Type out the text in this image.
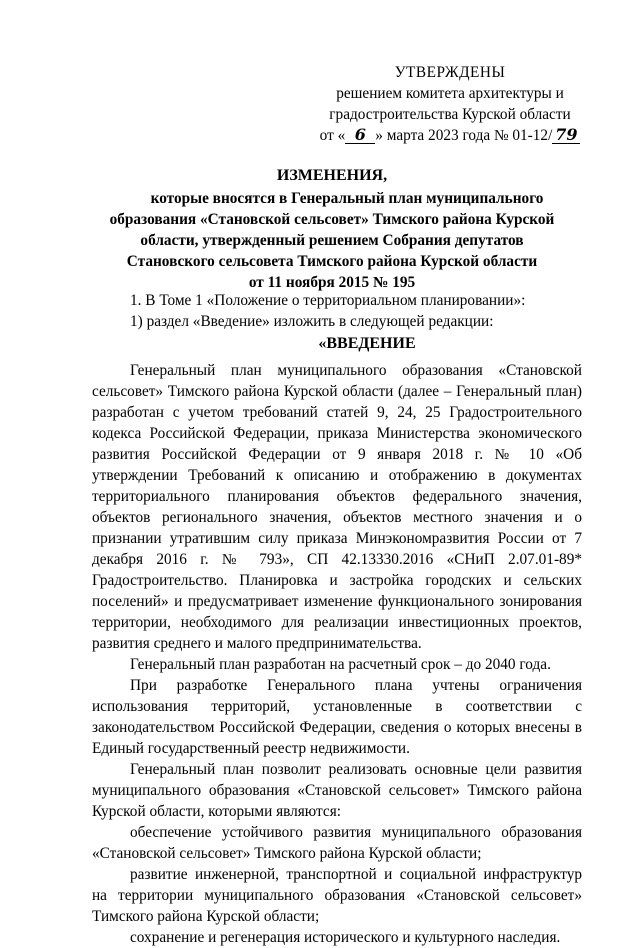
УТВЕРЖДЕНЫ
решением комитета архитектуры и
градостроительства Курской области
от « 6 » марта 2023 года № 01-12/ 79
ИЗМЕНЕНИЯ,
которые вносятся в Генеральный план муниципального
образования «Становской сельсовет» Тимского района Курской
области, утвержденный решением Собрания депутатов
Становского сельсовета Тимского района Курской области
от 11 ноября 2015 № 195
1. В Томе 1 «Положение о территориальном планировании»:
1) раздел «Введение» изложить в следующей редакции:
«ВВЕДЕНИЕ

Генеральный план муниципального образования «Становской сельсовет» Тимского района Курской области (далее – Генеральный план) разработан с учетом требований статей 9, 24, 25 Градостроительного кодекса Российской Федерации, приказа Министерства экономического развития Российской Федерации от 9 января 2018 г. № 10 «Об утверждении Требований к описанию и отображению в документах территориального планирования объектов федерального значения, объектов регионального значения, объектов местного значения и о признании утратившим силу приказа Минэкономразвития России от 7 декабря 2016 г. № 793», СП 42.13330.2016 «СНиП 2.07.01-89* Градостроительство. Планировка и застройка городских и сельских поселений» и предусматривает изменение функционального зонирования территории, необходимого для реализации инвестиционных проектов, развития среднего и малого предпринимательства.

Генеральный план разработан на расчетный срок – до 2040 года.

При разработке Генерального плана учтены ограничения использования территорий, установленные в соответствии с законодательством Российской Федерации, сведения о которых внесены в Единый государственный реестр недвижимости.

Генеральный план позволит реализовать основные цели развития муниципального образования «Становской сельсовет» Тимского района Курской области, которыми являются:

обеспечение устойчивого развития муниципального образования «Становской сельсовет» Тимского района Курской области;

развитие инженерной, транспортной и социальной инфраструктур на территории муниципального образования «Становской сельсовет» Тимского района Курской области;

сохранение и регенерация исторического и культурного наследия.
